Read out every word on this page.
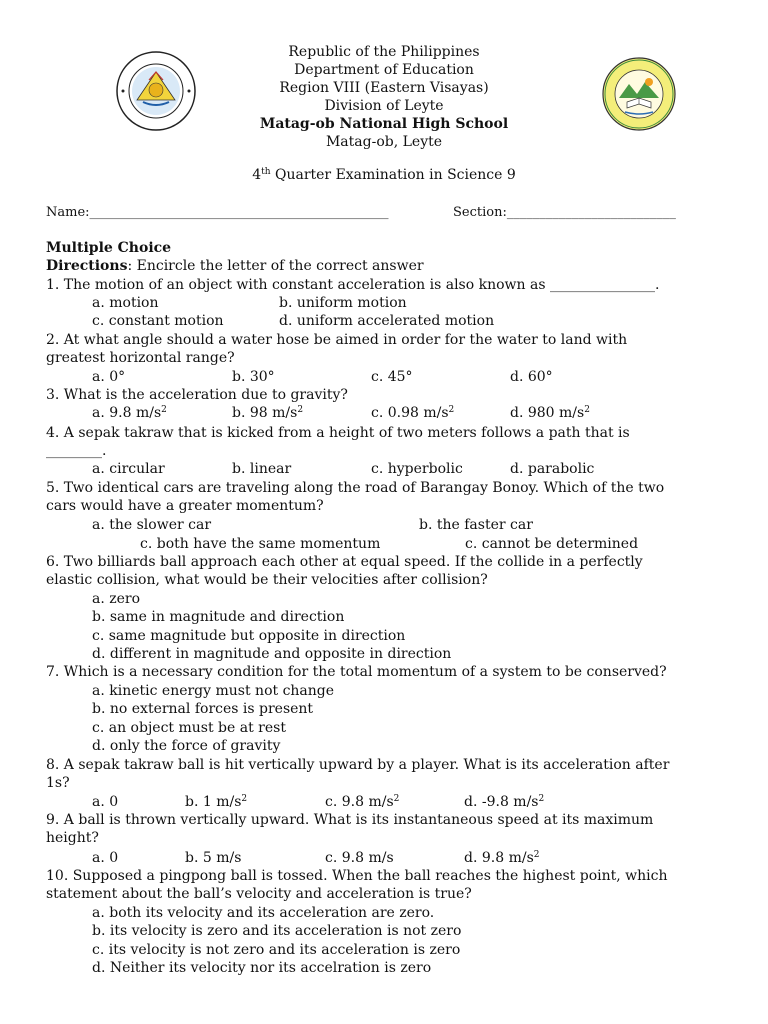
Republic of the Philippines
Department of Education
Region VIII (Eastern Visayas)
Division of Leyte
Matag-ob National High School
Matag-ob, Leyte
4th Quarter Examination in Science 9
Name:______________________________________________	Section:__________________________
Multiple Choice
Directions: Encircle the letter of the correct answer
1. The motion of an object with constant acceleration is also known as _______________.
a. motion	b. uniform motion
c. constant motion	d. uniform accelerated motion
2. At what angle should a water hose be aimed in order for the water to land with
greatest horizontal range?
a. 0°	b. 30°	c. 45°	d. 60°
3. What is the acceleration due to gravity?
a. 9.8 $m/s^2$	b. 98 $m/s^2$	c. 0.98 $m/s^2$	d. 980 $m/s^2$
4. A sepak takraw that is kicked from a height of two meters follows a path that is
________.
a. circular	b. linear	c. hyperbolic	d. parabolic
5. Two identical cars are traveling along the road of Barangay Bonoy. Which of the two
cars would have a greater momentum?
a. the slower car	b. the faster car
c. both have the same momentum	c. cannot be determined
6. Two billiards ball approach each other at equal speed. If the collide in a perfectly
elastic collision, what would be their velocities after collision?
a. zero
b. same in magnitude and direction
c. same magnitude but opposite in direction
d. different in magnitude and opposite in direction
7. Which is a necessary condition for the total momentum of a system to be conserved?
a. kinetic energy must not change
b. no external forces is present
c. an object must be at rest
d. only the force of gravity
8. A sepak takraw ball is hit vertically upward by a player. What is its acceleration after
1s?
a. 0	b. 1 $m/s^2$	c. 9.8 $m/s^2$	d. -9.8 $m/s^2$
9. A ball is thrown vertically upward. What is its instantaneous speed at its maximum
height?
a. 0	b. 5 m/s	c. 9.8 m/s	d. 9.8 $m/s^2$
10. Supposed a pingpong ball is tossed. When the ball reaches the highest point, which
statement about the ball’s velocity and acceleration is true?
a. both its velocity and its acceleration are zero.
b. its velocity is zero and its acceleration is not zero
c. its velocity is not zero and its acceleration is zero
d. Neither its velocity nor its accelration is zero
